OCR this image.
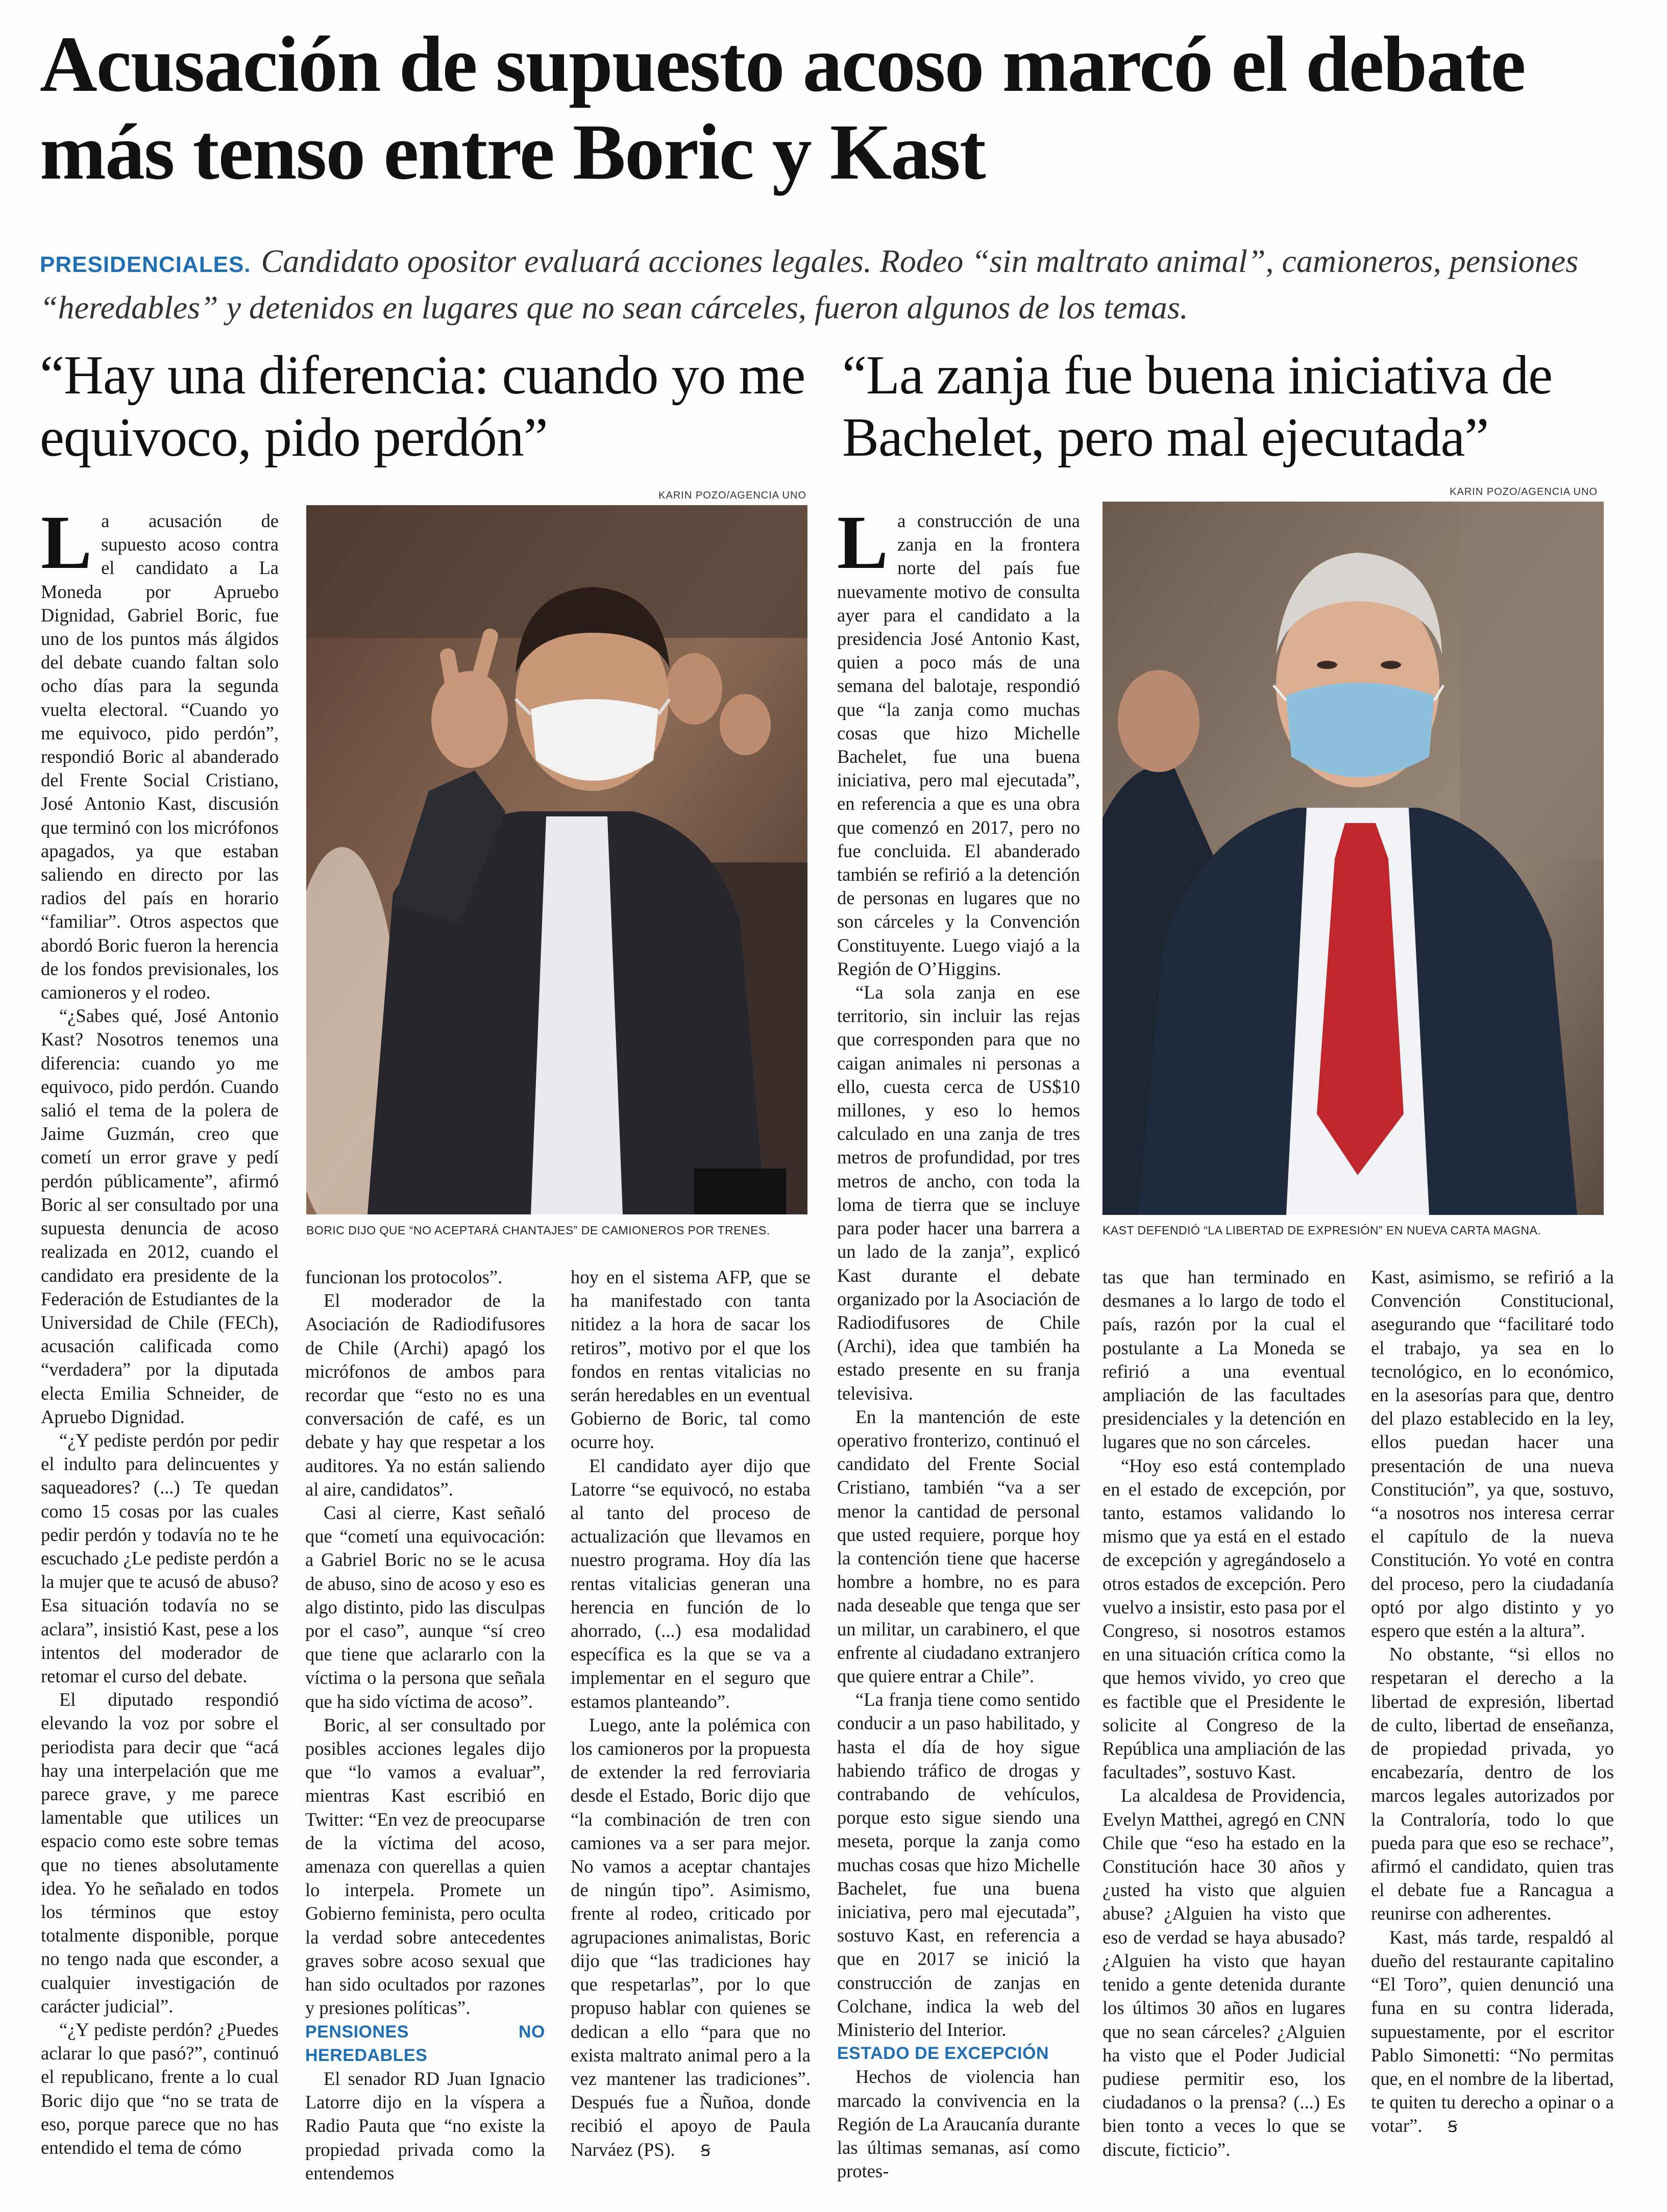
Acusación de supuesto acoso marcó el debate más tenso entre Boric y Kast
PRESIDENCIALES. Candidato opositor evaluará acciones legales. Rodeo “sin maltrato animal”, camioneros, pensiones “heredables” y detenidos en lugares que no sean cárceles, fueron algunos de los temas.
“Hay una diferencia: cuando yo me equivoco, pido perdón”
“La zanja fue buena iniciativa de Bachelet, pero mal ejecutada”
KARIN POZO/AGENCIA UNO
BORIC DIJO QUE “NO ACEPTARÁ CHANTAJES” DE CAMIONEROS POR TRENES.
KARIN POZO/AGENCIA UNO
KAST DEFENDIÓ “LA LIBERTAD DE EXPRESIÓN” EN NUEVA CARTA MAGNA.

La acusación de supuesto acoso contra el candidato a La Moneda por Apruebo Dignidad, Gabriel Boric, fue uno de los puntos más álgidos del debate cuando faltan solo ocho días para la segunda vuelta electoral. “Cuando yo me equivoco, pido perdón”, respondió Boric al abanderado del Frente Social Cristiano, José Antonio Kast, discusión que terminó con los micrófonos apagados, ya que estaban saliendo en directo por las radios del país en horario “familiar”. Otros aspectos que abordó Boric fueron la herencia de los fondos previsionales, los camioneros y el rodeo.

“¿Sabes qué, José Antonio Kast? Nosotros tenemos una diferencia: cuando yo me equivoco, pido perdón. Cuando salió el tema de la polera de Jaime Guzmán, creo que cometí un error grave y pedí perdón públicamente”, afirmó Boric al ser consultado por una supuesta denuncia de acoso realizada en 2012, cuando el candidato era presidente de la Federación de Estudiantes de la Universidad de Chile (FECh), acusación calificada como “verdadera” por la diputada electa Emilia Schneider, de Apruebo Dignidad.

“¿Y pediste perdón por pedir el indulto para delincuentes y saqueadores? (...) Te quedan como 15 cosas por las cuales pedir perdón y todavía no te he escuchado ¿Le pediste perdón a la mujer que te acusó de abuso? Esa situación todavía no se aclara”, insistió Kast, pese a los intentos del moderador de retomar el curso del debate.

El diputado respondió elevando la voz por sobre el periodista para decir que “acá hay una interpelación que me parece grave, y me parece lamentable que utilices un espacio como este sobre temas que no tienes absolutamente idea. Yo he señalado en todos los términos que estoy totalmente disponible, porque no tengo nada que esconder, a cualquier investigación de carácter judicial”.

“¿Y pediste perdón? ¿Puedes aclarar lo que pasó?”, continuó el republicano, frente a lo cual Boric dijo que “no se trata de eso, porque parece que no has entendido el tema de cómo

funcionan los protocolos”.

El moderador de la Asociación de Radiodifusores de Chile (Archi) apagó los micrófonos de ambos para recordar que “esto no es una conversación de café, es un debate y hay que respetar a los auditores. Ya no están saliendo al aire, candidatos”.

Casi al cierre, Kast señaló que “cometí una equivocación: a Gabriel Boric no se le acusa de abuso, sino de acoso y eso es algo distinto, pido las disculpas por el caso”, aunque “sí creo que tiene que aclararlo con la víctima o la persona que señala que ha sido víctima de acoso”.

Boric, al ser consultado por posibles acciones legales dijo que “lo vamos a evaluar”, mientras Kast escribió en Twitter: “En vez de preocuparse de la víctima del acoso, amenaza con querellas a quien lo interpela. Promete un Gobierno feminista, pero oculta la verdad sobre antecedentes graves sobre acoso sexual que han sido ocultados por razones y presiones políticas”.

PENSIONES NO HEREDABLES

El senador RD Juan Ignacio Latorre dijo en la víspera a Radio Pauta que “no existe la propiedad privada como la entendemos

hoy en el sistema AFP, que se ha manifestado con tanta nitidez a la hora de sacar los retiros”, motivo por el que los fondos en rentas vitalicias no serán heredables en un eventual Gobierno de Boric, tal como ocurre hoy.

El candidato ayer dijo que Latorre “se equivocó, no estaba al tanto del proceso de actualización que llevamos en nuestro programa. Hoy día las rentas vitalicias generan una herencia en función de lo ahorrado, (...) esa modalidad específica es la que se va a implementar en el seguro que estamos planteando”.

Luego, ante la polémica con los camioneros por la propuesta de extender la red ferroviaria desde el Estado, Boric dijo que “la combinación de tren con camiones va a ser para mejor. No vamos a aceptar chantajes de ningún tipo”. Asimismo, frente al rodeo, criticado por agrupaciones animalistas, Boric dijo que “las tradiciones hay que respetarlas”, por lo que propuso hablar con quienes se dedican a ello “para que no exista maltrato animal pero a la vez mantener las tradiciones”. Después fue a Ñuñoa, donde recibió el apoyo de Paula Narváez (PS). Ꞩ

La construcción de una zanja en la frontera norte del país fue nuevamente motivo de consulta ayer para el candidato a la presidencia José Antonio Kast, quien a poco más de una semana del balotaje, respondió que “la zanja como muchas cosas que hizo Michelle Bachelet, fue una buena iniciativa, pero mal ejecutada”, en referencia a que es una obra que comenzó en 2017, pero no fue concluida. El abanderado también se refirió a la detención de personas en lugares que no son cárceles y la Convención Constituyente. Luego viajó a la Región de O’Higgins.

“La sola zanja en ese territorio, sin incluir las rejas que corresponden para que no caigan animales ni personas a ello, cuesta cerca de US$10 millones, y eso lo hemos calculado en una zanja de tres metros de profundidad, por tres metros de ancho, con toda la loma de tierra que se incluye para poder hacer una barrera a un lado de la zanja”, explicó Kast durante el debate organizado por la Asociación de Radiodifusores de Chile (Archi), idea que también ha estado presente en su franja televisiva.

En la mantención de este operativo fronterizo, continuó el candidato del Frente Social Cristiano, también “va a ser menor la cantidad de personal que usted requiere, porque hoy la contención tiene que hacerse hombre a hombre, no es para nada deseable que tenga que ser un militar, un carabinero, el que enfrente al ciudadano extranjero que quiere entrar a Chile”.

“La franja tiene como sentido conducir a un paso habilitado, y hasta el día de hoy sigue habiendo tráfico de drogas y contrabando de vehículos, porque esto sigue siendo una meseta, porque la zanja como muchas cosas que hizo Michelle Bachelet, fue una buena iniciativa, pero mal ejecutada”, sostuvo Kast, en referencia a que en 2017 se inició la construcción de zanjas en Colchane, indica la web del Ministerio del Interior.

ESTADO DE EXCEPCIÓN

Hechos de violencia han marcado la convivencia en la Región de La Araucanía durante las últimas semanas, así como protes-

tas que han terminado en desmanes a lo largo de todo el país, razón por la cual el postulante a La Moneda se refirió a una eventual ampliación de las facultades presidenciales y la detención en lugares que no son cárceles.

“Hoy eso está contemplado en el estado de excepción, por tanto, estamos validando lo mismo que ya está en el estado de excepción y agregándoselo a otros estados de excepción. Pero vuelvo a insistir, esto pasa por el Congreso, si nosotros estamos en una situación crítica como la que hemos vivido, yo creo que es factible que el Presidente le solicite al Congreso de la República una ampliación de las facultades”, sostuvo Kast.

La alcaldesa de Providencia, Evelyn Matthei, agregó en CNN Chile que “eso ha estado en la Constitución hace 30 años y ¿usted ha visto que alguien abuse? ¿Alguien ha visto que eso de verdad se haya abusado? ¿Alguien ha visto que hayan tenido a gente detenida durante los últimos 30 años en lugares que no sean cárceles? ¿Alguien ha visto que el Poder Judicial pudiese permitir eso, los ciudadanos o la prensa? (...) Es bien tonto a veces lo que se discute, ficticio”.

Kast, asimismo, se refirió a la Convención Constitucional, asegurando que “facilitaré todo el trabajo, ya sea en lo tecnológico, en lo económico, en la asesorías para que, dentro del plazo establecido en la ley, ellos puedan hacer una presentación de una nueva Constitución”, ya que, sostuvo, “a nosotros nos interesa cerrar el capítulo de la nueva Constitución. Yo voté en contra del proceso, pero la ciudadanía optó por algo distinto y yo espero que estén a la altura”.

No obstante, “si ellos no respetaran el derecho a la libertad de expresión, libertad de culto, libertad de enseñanza, de propiedad privada, yo encabezaría, dentro de los marcos legales autorizados por la Contraloría, todo lo que pueda para que eso se rechace”, afirmó el candidato, quien tras el debate fue a Rancagua a reunirse con adherentes.

Kast, más tarde, respaldó al dueño del restaurante capitalino “El Toro”, quien denunció una funa en su contra liderada, supuestamente, por el escritor Pablo Simonetti: “No permitas que, en el nombre de la libertad, te quiten tu derecho a opinar o a votar”. Ꞩ
